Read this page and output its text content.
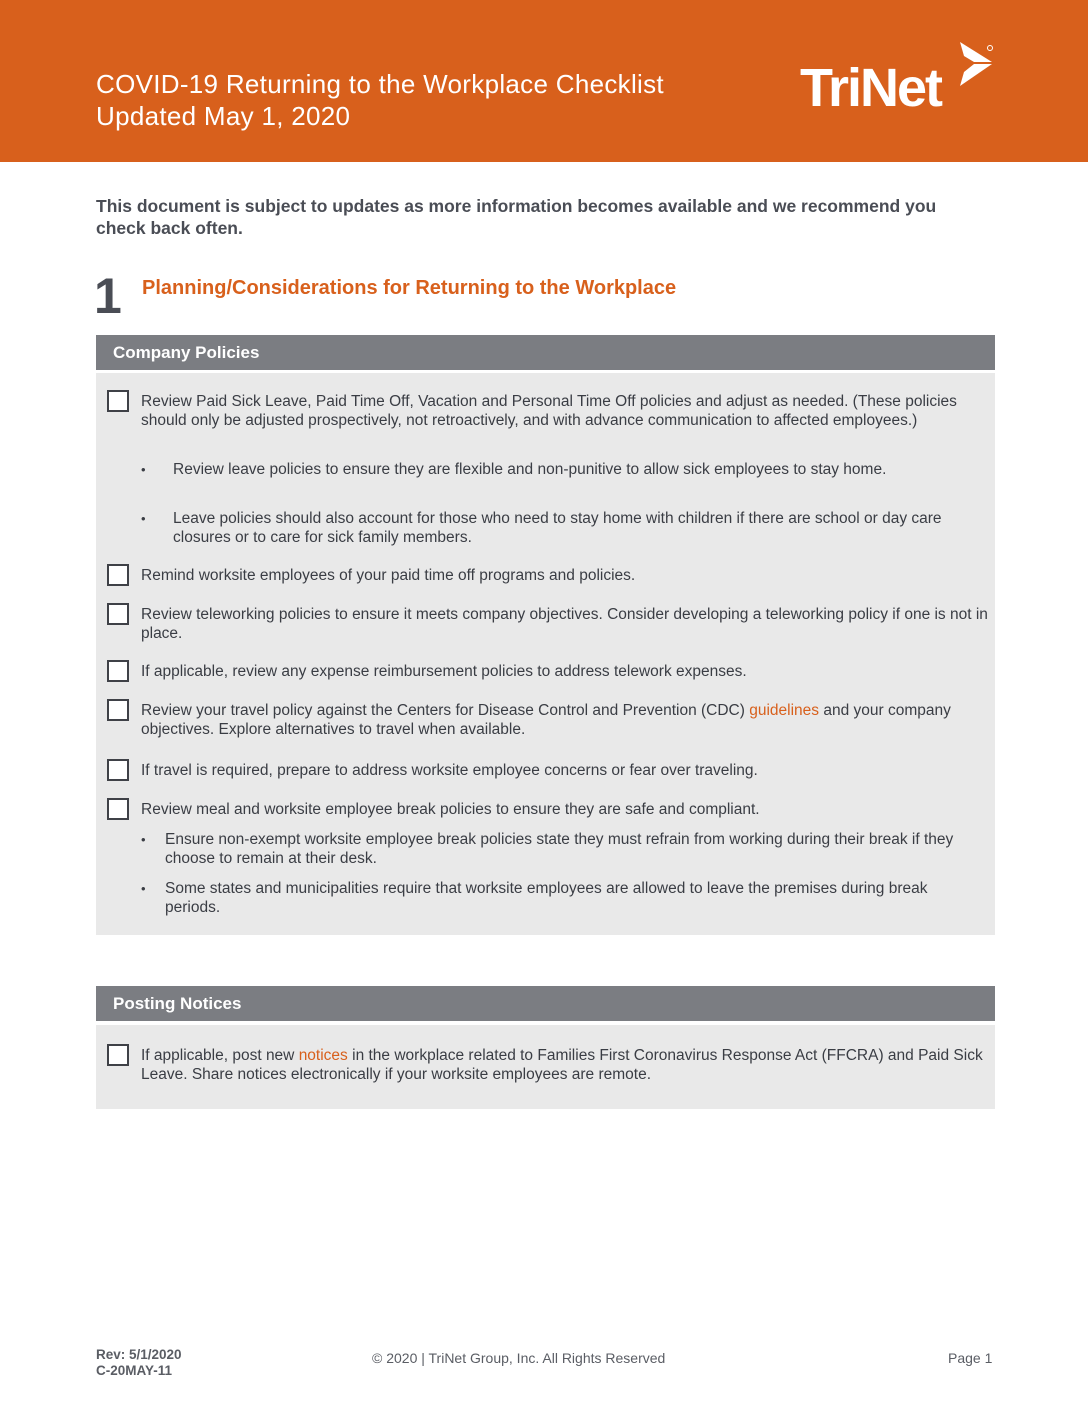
COVID-19 Returning to the Workplace Checklist
Updated May 1, 2020	TriNet
This document is subject to updates as more information becomes available and we recommend you check back often.
1 Planning/Considerations for Returning to the Workplace
Company Policies
Review Paid Sick Leave, Paid Time Off, Vacation and Personal Time Off policies and adjust as needed. (These policies should only be adjusted prospectively, not retroactively, and with advance communication to affected employees.)
• Review leave policies to ensure they are flexible and non-punitive to allow sick employees to stay home.
• Leave policies should also account for those who need to stay home with children if there are school or day care closures or to care for sick family members.
Remind worksite employees of your paid time off programs and policies.
Review teleworking policies to ensure it meets company objectives. Consider developing a teleworking policy if one is not in place.
If applicable, review any expense reimbursement policies to address telework expenses.
Review your travel policy against the Centers for Disease Control and Prevention (CDC) guidelines and your company objectives. Explore alternatives to travel when available.
If travel is required, prepare to address worksite employee concerns or fear over traveling.
Review meal and worksite employee break policies to ensure they are safe and compliant.
• Ensure non-exempt worksite employee break policies state they must refrain from working during their break if they choose to remain at their desk.
• Some states and municipalities require that worksite employees are allowed to leave the premises during break periods.
Posting Notices
If applicable, post new notices in the workplace related to Families First Coronavirus Response Act (FFCRA) and Paid Sick Leave. Share notices electronically if your worksite employees are remote.
Rev: 5/1/2020
C-20MAY-11
© 2020 | TriNet Group, Inc. All Rights Reserved	Page 1
